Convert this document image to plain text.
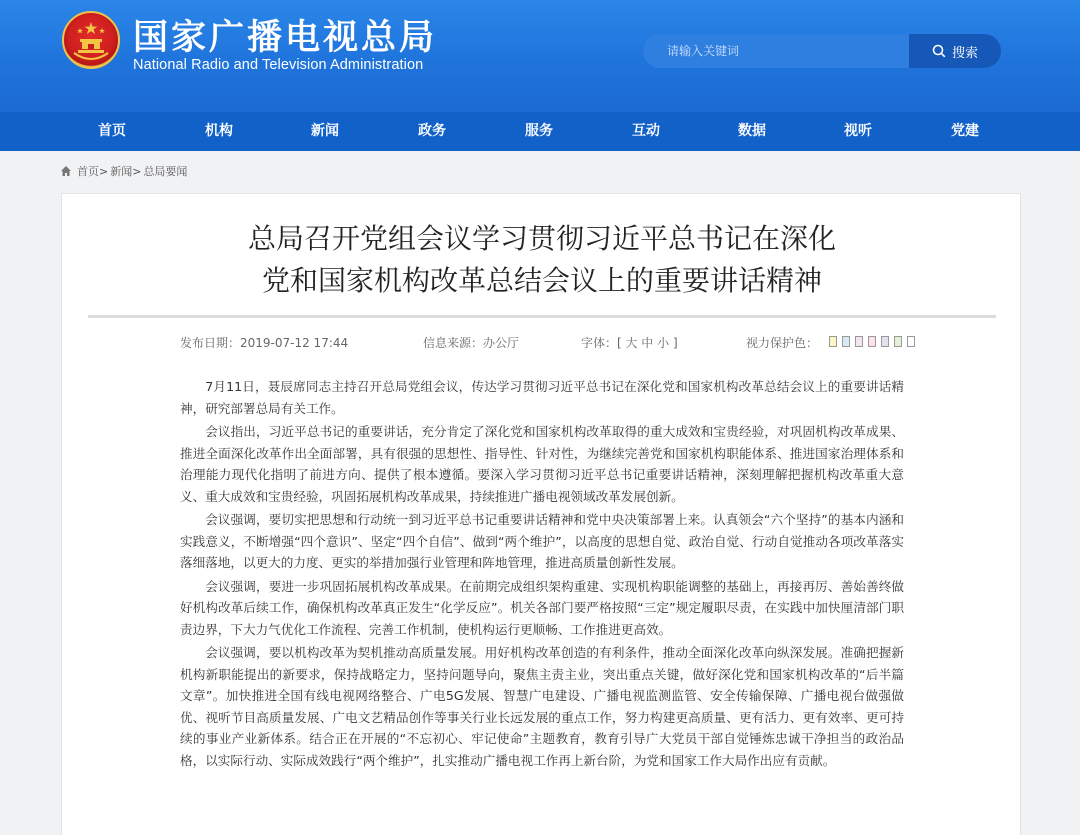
国家广播电视总局
National Radio and Television Administration
请输入关键词
搜索
首页	机构	新闻	政务	服务	互动	数据	视听	党建
首页> 新闻> 总局要闻
总局召开党组会议学习贯彻习近平总书记在深化
党和国家机构改革总结会议上的重要讲话精神
发布日期：2019-07-12 17:44	信息来源：办公厅	字体：[ 大 中 小 ]	视力保护色：

7月11日，聂辰席同志主持召开总局党组会议，传达学习贯彻习近平总书记在深化党和国家机构改革总结会议上的重要讲话精神，研究部署总局有关工作。

会议指出，习近平总书记的重要讲话，充分肯定了深化党和国家机构改革取得的重大成效和宝贵经验，对巩固机构改革成果、推进全面深化改革作出全面部署，具有很强的思想性、指导性、针对性，为继续完善党和国家机构职能体系、推进国家治理体系和治理能力现代化指明了前进方向、提供了根本遵循。要深入学习贯彻习近平总书记重要讲话精神，深刻理解把握机构改革重大意义、重大成效和宝贵经验，巩固拓展机构改革成果，持续推进广播电视领域改革发展创新。

会议强调，要切实把思想和行动统一到习近平总书记重要讲话精神和党中央决策部署上来。认真领会“六个坚持”的基本内涵和实践意义，不断增强“四个意识”、坚定“四个自信”、做到“两个维护”，以高度的思想自觉、政治自觉、行动自觉推动各项改革落实落细落地，以更大的力度、更实的举措加强行业管理和阵地管理，推进高质量创新性发展。

会议强调，要进一步巩固拓展机构改革成果。在前期完成组织架构重建、实现机构职能调整的基础上，再接再厉、善始善终做好机构改革后续工作，确保机构改革真正发生“化学反应”。机关各部门要严格按照“三定”规定履职尽责，在实践中加快厘清部门职责边界，下大力气优化工作流程、完善工作机制，使机构运行更顺畅、工作推进更高效。

会议强调，要以机构改革为契机推动高质量发展。用好机构改革创造的有利条件，推动全面深化改革向纵深发展。准确把握新机构新职能提出的新要求，保持战略定力，坚持问题导向，聚焦主责主业，突出重点关键，做好深化党和国家机构改革的“后半篇文章”。加快推进全国有线电视网络整合、广电5G发展、智慧广电建设、广播电视监测监管、安全传输保障、广播电视台做强做优、视听节目高质量发展、广电文艺精品创作等事关行业长远发展的重点工作，努力构建更高质量、更有活力、更有效率、更可持续的事业产业新体系。结合正在开展的“不忘初心、牢记使命”主题教育，教育引导广大党员干部自觉锤炼忠诚干净担当的政治品格，以实际行动、实际成效践行“两个维护”，扎实推动广播电视工作再上新台阶，为党和国家工作大局作出应有贡献。
